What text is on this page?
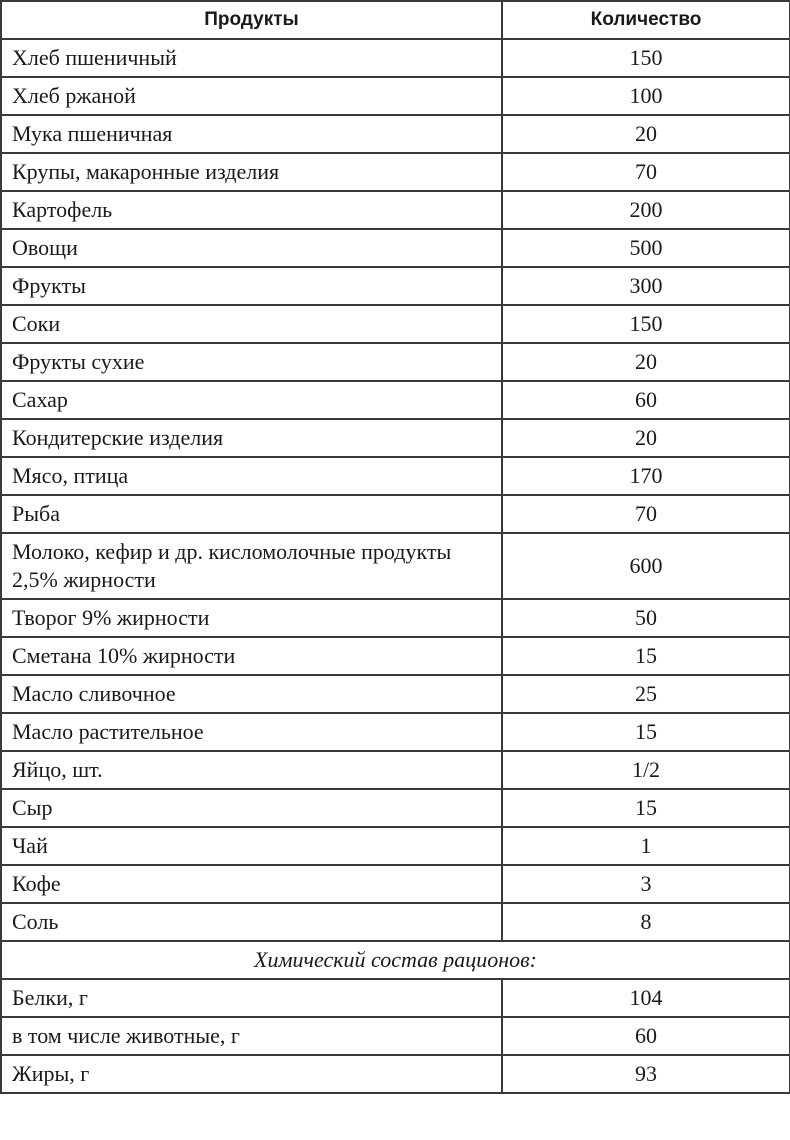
Продукты	Количество
Хлеб пшеничный	150
Хлеб ржаной	100
Мука пшеничная	20
Крупы, макаронные изделия	70
Картофель	200
Овощи	500
Фрукты	300
Соки	150
Фрукты сухие	20
Сахар	60
Кондитерские изделия	20
Мясо, птица	170
Рыба	70
Молоко, кефир и др. кисломолочные продукты 2,5% жирности	600
Творог 9% жирности	50
Сметана 10% жирности	15
Масло сливочное	25
Масло растительное	15
Яйцо, шт.	1/2
Сыр	15
Чай	1
Кофе	3
Соль	8
Химический состав рационов:	
Белки, г	104
в том числе животные, г	60
Жиры, г	93
